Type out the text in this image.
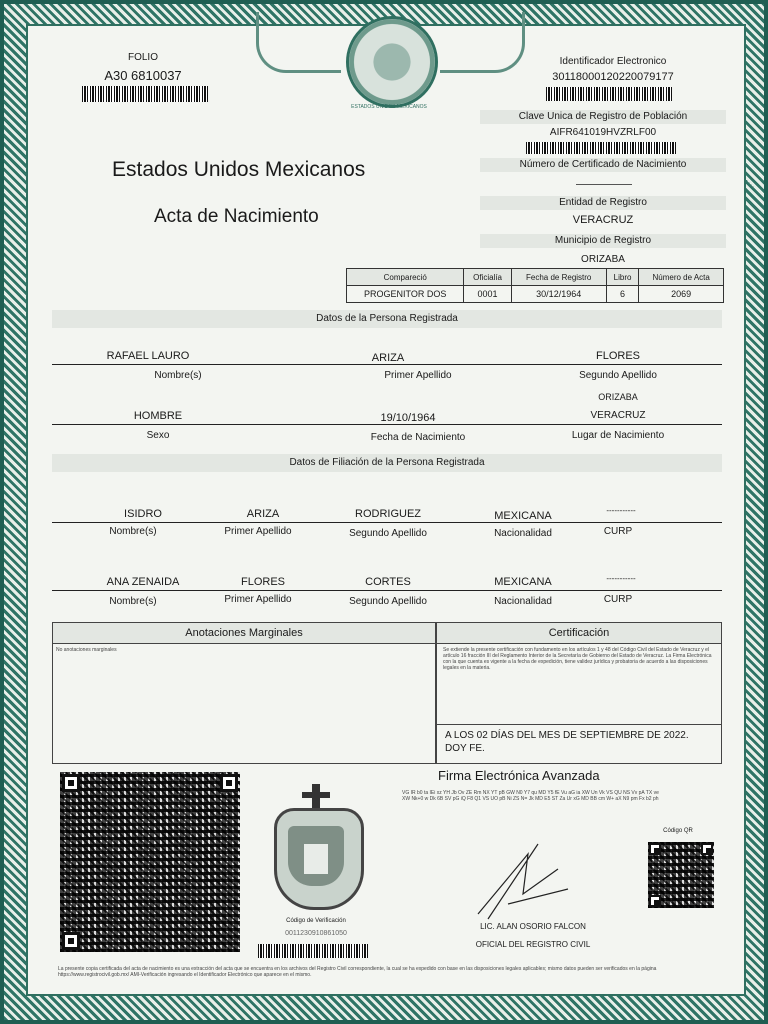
FOLIO
A30 6810037
ESTADOS UNIDOS MEXICANOS
Identificador Electronico
30118000120220079177
Estados Unidos Mexicanos
Acta de Nacimiento
Clave Unica de Registro de Población
AIFR641019HVZRLF00
Número de Certificado de Nacimiento
Entidad de Registro
VERACRUZ
Municipio de Registro
ORIZABA
Compareció	Oficialía	Fecha de Registro	Libro	Número de Acta
PROGENITOR DOS	0001	30/12/1964	6	2069
Datos de la Persona Registrada
RAFAEL LAURO	ARIZA	FLORES
Nombre(s)	Primer Apellido	Segundo Apellido
ORIZABA
HOMBRE	19/10/1964	VERACRUZ
Sexo	Fecha de Nacimiento	Lugar de Nacimiento
Datos de Filiación de la Persona Registrada
ISIDRO	ARIZA	RODRIGUEZ	MEXICANA	-----------
Nombre(s)	Primer Apellido	Segundo Apellido	Nacionalidad	CURP
ANA ZENAIDA	FLORES	CORTES	MEXICANA	-----------
Nombre(s)	Primer Apellido	Segundo Apellido	Nacionalidad	CURP
Anotaciones Marginales
No anotaciones marginales
Certificación
Se extiende la presente certificación con fundamento en los artículos 1 y 48 del Código Civil del Estado de Veracruz y el artículo 16 fracción III del Reglamento Interior de la Secretaría de Gobierno del Estado de Veracruz. La Firma Electrónica con la que cuenta es vigente a la fecha de expedición, tiene validez jurídica y probatoria de acuerdo a las disposiciones legales en la materia.
A LOS 02 DÍAS DEL MES DE SEPTIEMBRE DE 2022. DOY FE.
Código de Verificación
0011230910861050
Firma Electrónica Avanzada
VG IR b0 ta IEi xz YH Jb Ov ZE Rm NX YT pB GW N0 Y7 qu MD Y5 fE Vu aG ia XW Un Vk VS QU NS Vv pA TX ve XW Nk+0 w Dk 6B SV pG iQ F8 Q1 VS UO pB Ni ZS N= Jk MD E5 ST Za Ur xG MD BB cm W+ aX N9 pm Fx b2 ph
LIC. ALAN OSORIO FALCON
OFICIAL DEL REGISTRO CIVIL
Código QR
La presente copia certificada del acta de nacimiento es una extracción del acta que se encuentra en los archivos del Registro Civil correspondiente, la cual se ha expedido con base en las disposiciones legales aplicables; mismo datos pueden ser verificados en la página https://www.registrocivil.gob.mx/ AMI-Verificación ingresando el Identificador Electrónico que aparece en el mismo.
